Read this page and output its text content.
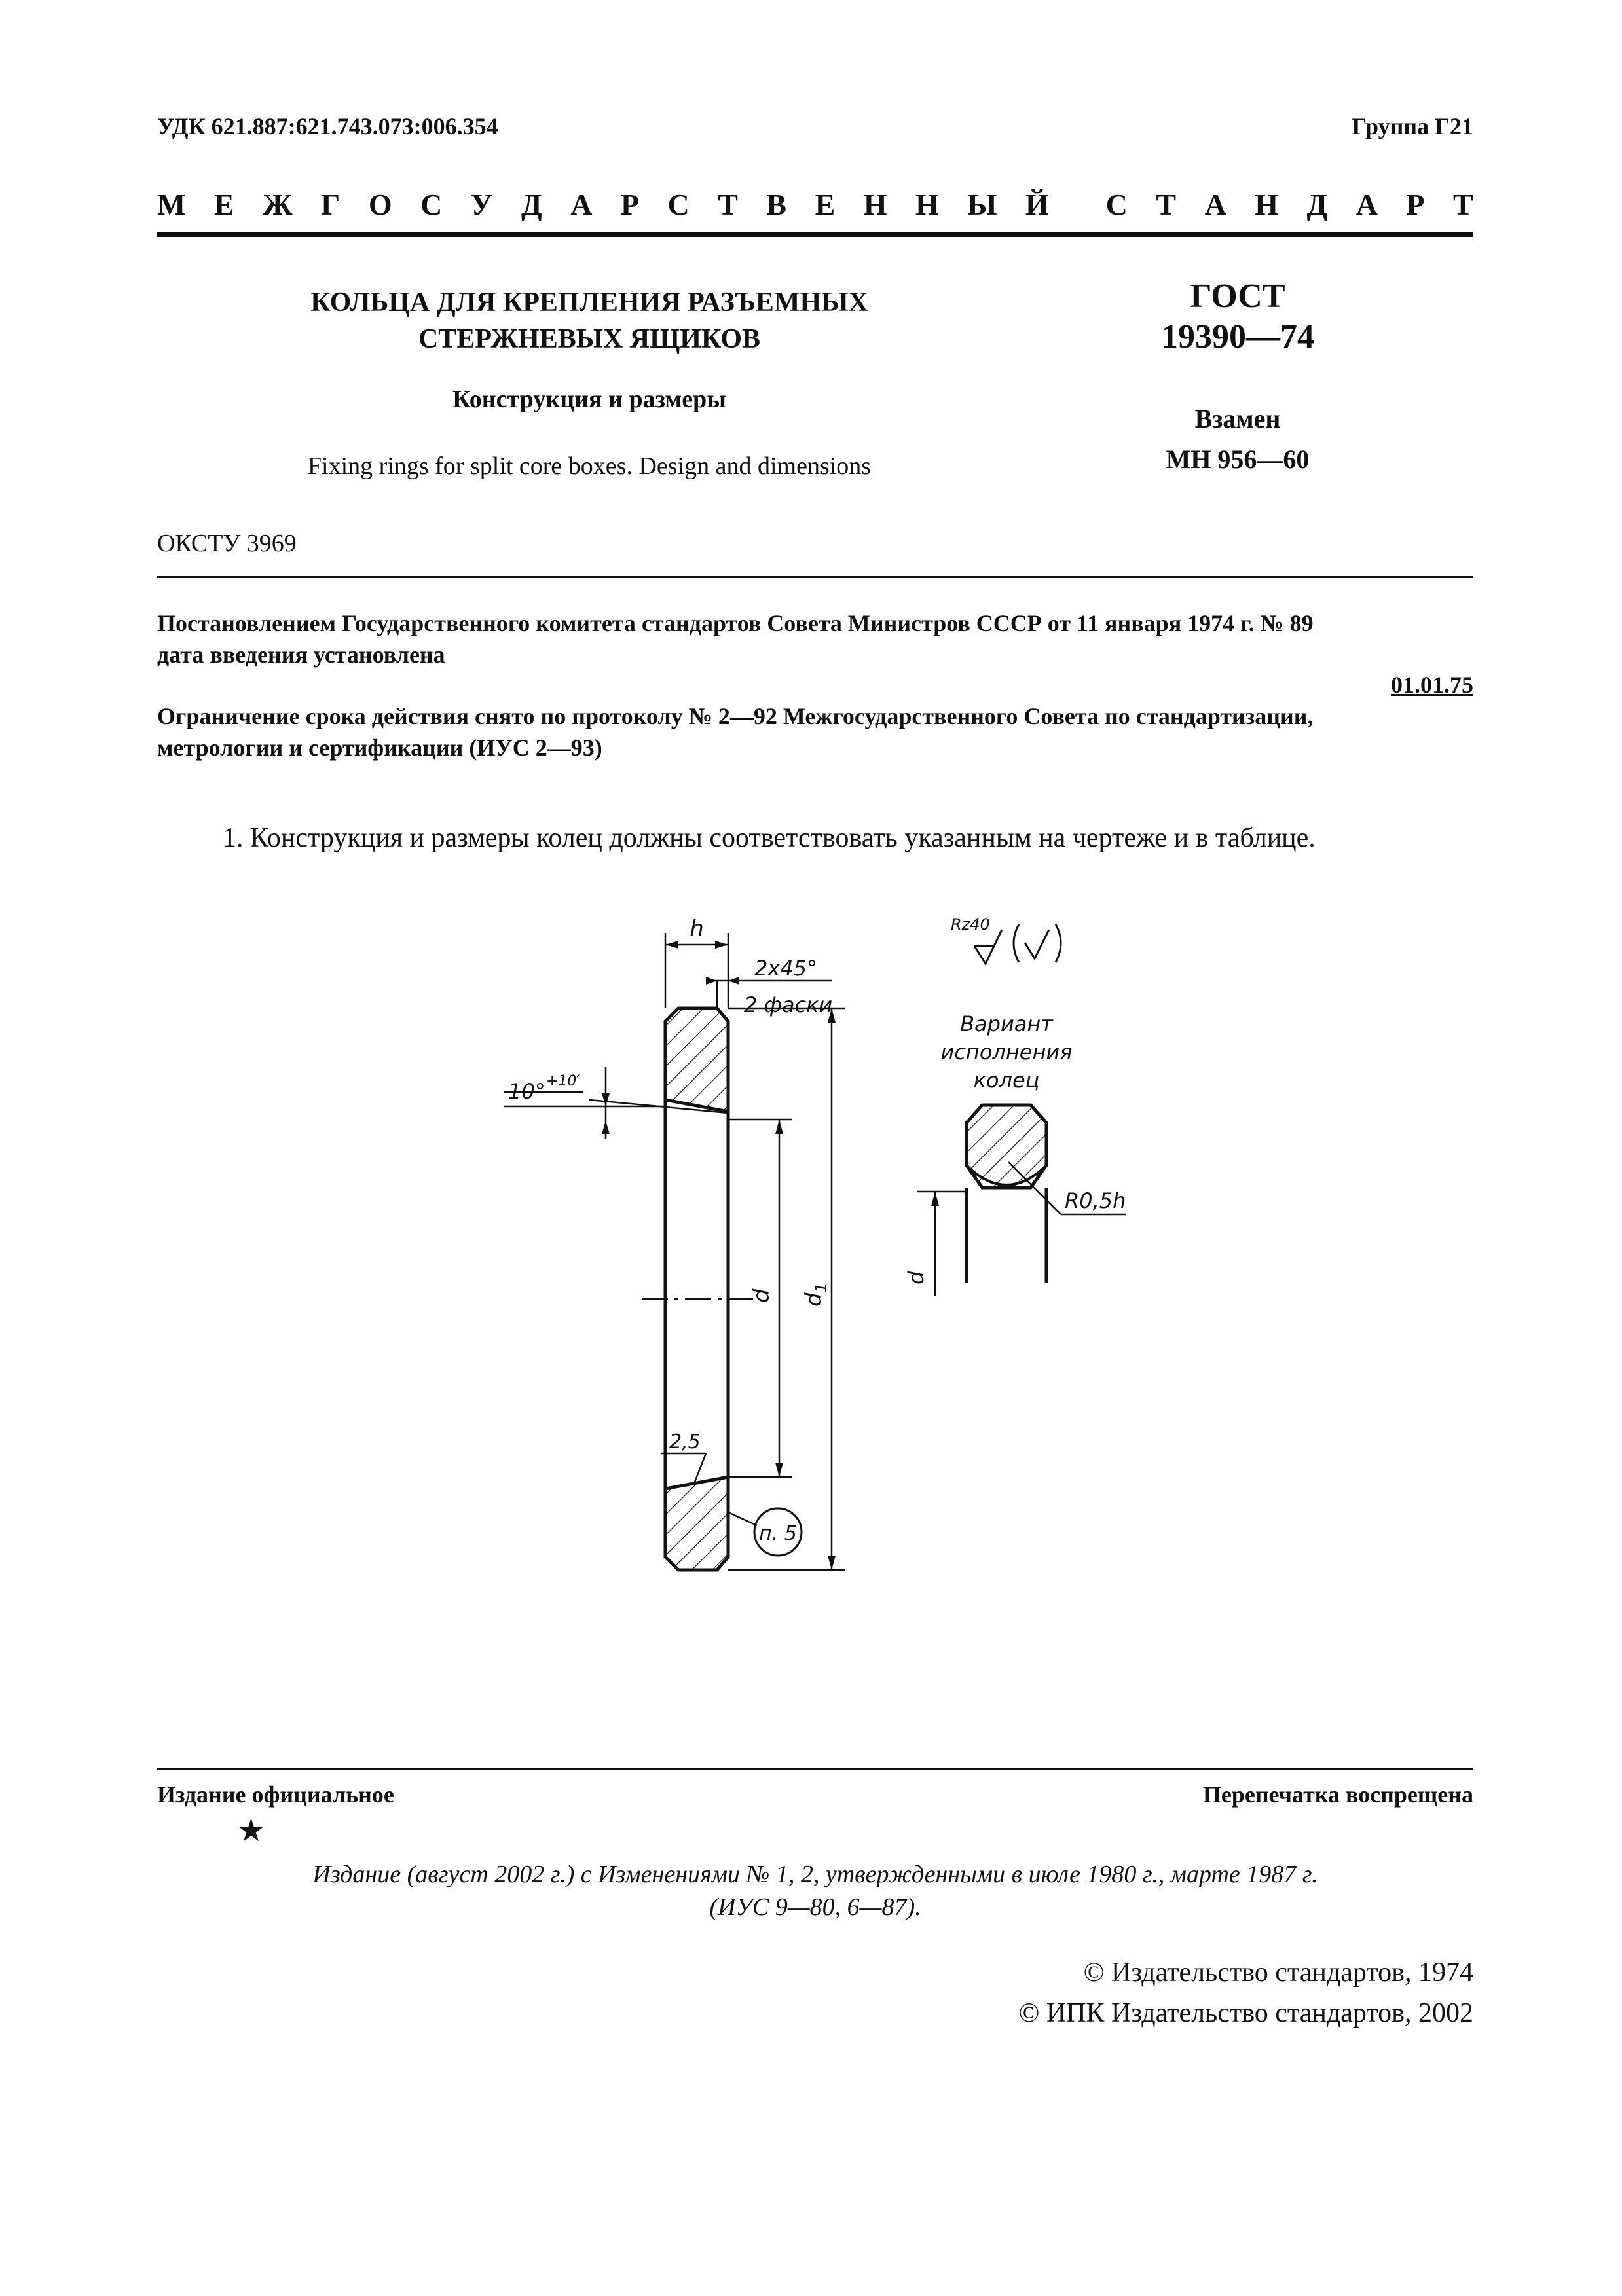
УДК 621.887:621.743.073:006.354	Группа Г21
М Е Ж Г О С У Д А Р С Т В Е Н Н Ы Й С Т А Н Д А Р Т
КОЛЬЦА ДЛЯ КРЕПЛЕНИЯ РАЗЪЕМНЫХ
СТЕРЖНЕВЫХ ЯЩИКОВ
Конструкция и размеры
Fixing rings for split core boxes. Design and dimensions
ГОСТ
19390—74
Взамен
МН 956—60
ОКСТУ 3969
Постановлением Государственного комитета стандартов Совета Министров СССР от 11 января 1974 г. № 89
дата введения установлена
01.01.75
Ограничение срока действия снято по протоколу № 2—92 Межгосударственного Совета по стандартизации,
метрологии и сертификации (ИУС 2—93)
1. Конструкция и размеры колец должны соответствовать указанным на чертеже и в таблице.
h
2x45°
2 фаски
10° +10′
d $d_1$
2,5
п. 5
Rz40
Вариант
исполнения
колец
R0,5h
d
Издание официальное	Перепечатка воспрещена
★
Издание (август 2002 г.) с Изменениями № 1, 2, утвержденными в июле 1980 г., марте 1987 г.
(ИУС 9—80, 6—87).
© Издательство стандартов, 1974
© ИПК Издательство стандартов, 2002
